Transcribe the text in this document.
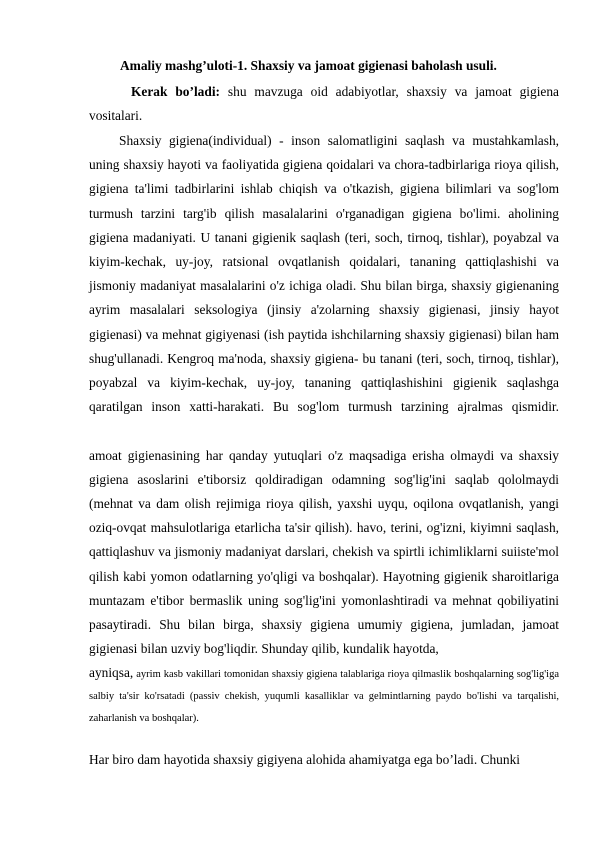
Amaliy mashg’uloti-1. Shaxsiy va jamoat gigienasi baholash usuli.
Kerak bo’ladi: shu mavzuga oid adabiyotlar, shaxsiy va jamoat gigiena vositalari.
Shaxsiy gigiena(individual) - inson salomatligini saqlash va mustahkamlash, uning shaxsiy hayoti va faoliyatida gigiena qoidalari va chora-tadbirlariga rioya qilish, gigiena ta'limi tadbirlarini ishlab chiqish va o'tkazish, gigiena bilimlari va sog'lom turmush tarzini targ'ib qilish masalalarini o'rganadigan gigiena bo'limi. aholining gigiena madaniyati. U tanani gigienik saqlash (teri, soch, tirnoq, tishlar), poyabzal va kiyim-kechak, uy-joy, ratsional ovqatlanish qoidalari, tananing qattiqlashishi va jismoniy madaniyat masalalarini o'z ichiga oladi. Shu bilan birga, shaxsiy gigienaning ayrim masalalari seksologiya (jinsiy a'zolarning shaxsiy gigienasi, jinsiy hayot gigienasi) va mehnat gigiyenasi (ish paytida ishchilarning shaxsiy gigienasi) bilan ham shug'ullanadi. Kengroq ma'noda, shaxsiy gigiena- bu tanani (teri, soch, tirnoq, tishlar), poyabzal va kiyim-kechak, uy-joy, tananing qattiqlashishini gigienik saqlashga qaratilgan inson xatti-harakati. Bu sog'lom turmush tarzining ajralmas qismidir.
amoat gigienasining har qanday yutuqlari o'z maqsadiga erisha olmaydi va shaxsiy gigiena asoslarini e'tiborsiz qoldiradigan odamning sog'lig'ini saqlab qololmaydi (mehnat va dam olish rejimiga rioya qilish, yaxshi uyqu, oqilona ovqatlanish, yangi oziq-ovqat mahsulotlariga etarlicha ta'sir qilish). havo, terini, og'izni, kiyimni saqlash, qattiqlashuv va jismoniy madaniyat darslari, chekish va spirtli ichimliklarni suiiste'mol qilish kabi yomon odatlarning yo'qligi va boshqalar). Hayotning gigienik sharoitlariga muntazam e'tibor bermaslik uning sog'lig'ini yomonlashtiradi va mehnat qobiliyatini pasaytiradi. Shu bilan birga, shaxsiy gigiena umumiy gigiena, jumladan, jamoat gigienasi bilan uzviy bog'liqdir. Shunday qilib, kundalik hayotda,
ayniqsa, ayrim kasb vakillari tomonidan shaxsiy gigiena talablariga rioya qilmaslik boshqalarning sog'lig'iga salbiy ta'sir ko'rsatadi (passiv chekish, yuqumli kasalliklar va gelmintlarning paydo bo'lishi va tarqalishi, zaharlanish va boshqalar).
Har biro dam hayotida shaxsiy gigiyena alohida ahamiyatga ega bo’ladi. Chunki
